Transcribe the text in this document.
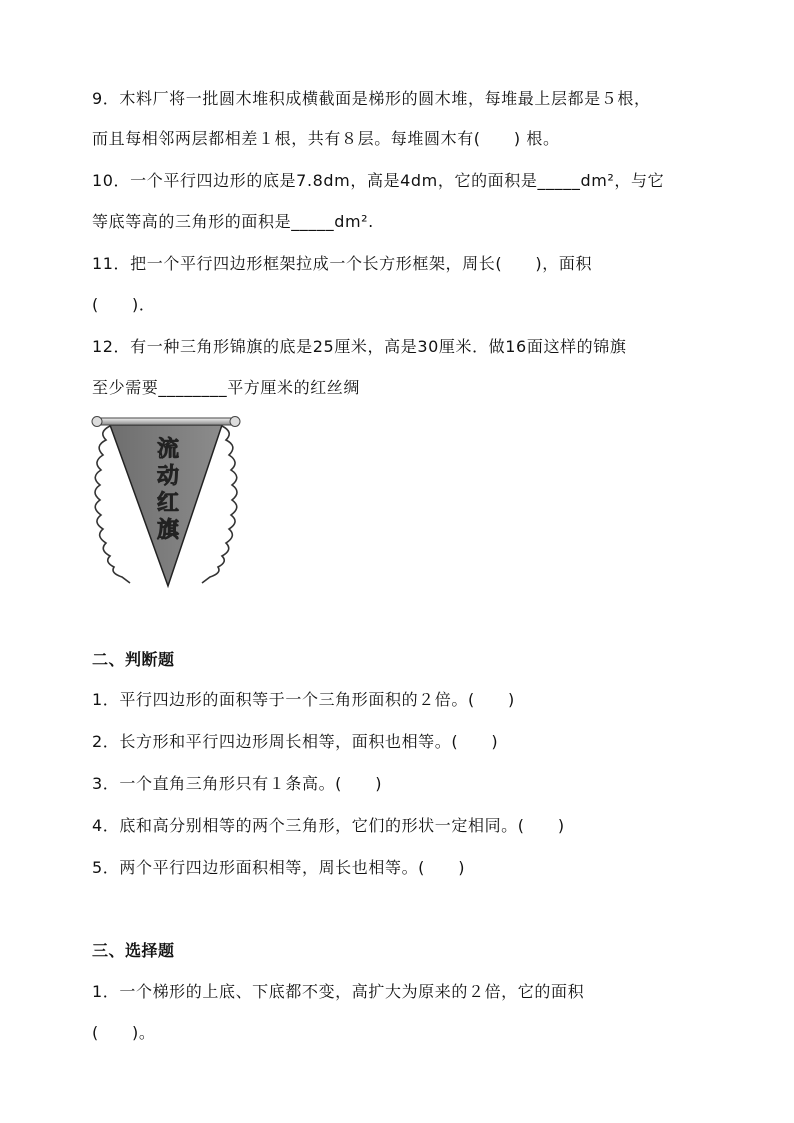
9．木料厂将一批圆木堆积成横截面是梯形的圆木堆，每堆最上层都是５根，
而且每相邻两层都相差１根，共有８层。每堆圆木有(　　) 根。
10．一个平行四边形的底是7.8dm，高是4dm，它的面积是_____dm²，与它
等底等高的三角形的面积是_____dm².
11．把一个平行四边形框架拉成一个长方形框架，周长(　　)，面积
(　　)．
12．有一种三角形锦旗的底是25厘米，高是30厘米．做16面这样的锦旗
至少需要________平方厘米的红丝绸
流动红旗
二、判断题
1．平行四边形的面积等于一个三角形面积的２倍。(　　)
2．长方形和平行四边形周长相等，面积也相等。(　　)
3．一个直角三角形只有１条高。(　　)
4．底和高分别相等的两个三角形，它们的形状一定相同。(　　)
5．两个平行四边形面积相等，周长也相等。(　　)
三、选择题
1．一个梯形的上底、下底都不变，高扩大为原来的２倍，它的面积
(　　)。
